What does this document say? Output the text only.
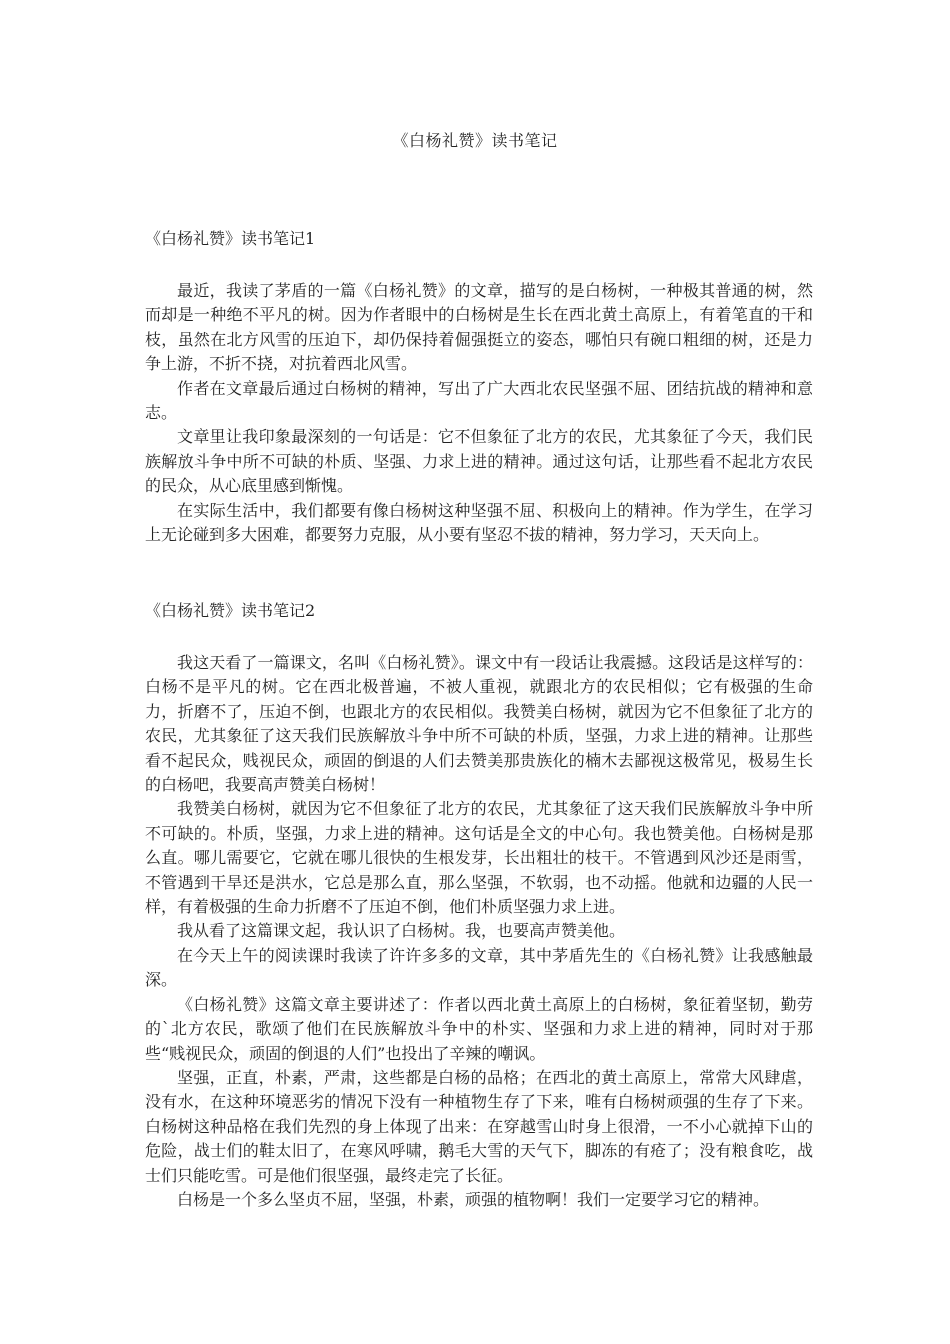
《白杨礼赞》读书笔记

《白杨礼赞》读书笔记1

最近，我读了茅盾的一篇《白杨礼赞》的文章，描写的是白杨树，一种极其普通的树，然而却是一种绝不平凡的树。因为作者眼中的白杨树是生长在西北黄土高原上，有着笔直的干和枝，虽然在北方风雪的压迫下，却仍保持着倔强挺立的姿态，哪怕只有碗口粗细的树，还是力争上游，不折不挠，对抗着西北风雪。

作者在文章最后通过白杨树的精神，写出了广大西北农民坚强不屈、团结抗战的精神和意志。

文章里让我印象最深刻的一句话是：它不但象征了北方的农民，尤其象征了今天，我们民族解放斗争中所不可缺的朴质、坚强、力求上进的精神。通过这句话，让那些看不起北方农民的民众，从心底里感到惭愧。

在实际生活中，我们都要有像白杨树这种坚强不屈、积极向上的精神。作为学生，在学习上无论碰到多大困难，都要努力克服，从小要有坚忍不拔的精神，努力学习，天天向上。

《白杨礼赞》读书笔记2

我这天看了一篇课文，名叫《白杨礼赞》。课文中有一段话让我震撼。这段话是这样写的：白杨不是平凡的树。它在西北极普遍，不被人重视，就跟北方的农民相似；它有极强的生命力，折磨不了，压迫不倒，也跟北方的农民相似。我赞美白杨树，就因为它不但象征了北方的农民，尤其象征了这天我们民族解放斗争中所不可缺的朴质，坚强，力求上进的精神。让那些看不起民众，贱视民众，顽固的倒退的人们去赞美那贵族化的楠木去鄙视这极常见，极易生长的白杨吧，我要高声赞美白杨树！

我赞美白杨树，就因为它不但象征了北方的农民，尤其象征了这天我们民族解放斗争中所不可缺的。朴质，坚强，力求上进的精神。这句话是全文的中心句。我也赞美他。白杨树是那么直。哪儿需要它，它就在哪儿很快的生根发芽，长出粗壮的枝干。不管遇到风沙还是雨雪，不管遇到干旱还是洪水，它总是那么直，那么坚强，不软弱，也不动摇。他就和边疆的人民一样，有着极强的生命力折磨不了压迫不倒，他们朴质坚强力求上进。

我从看了这篇课文起，我认识了白杨树。我，也要高声赞美他。

在今天上午的阅读课时我读了许许多多的文章，其中茅盾先生的《白杨礼赞》让我感触最深。

《白杨礼赞》这篇文章主要讲述了：作者以西北黄土高原上的白杨树，象征着坚韧，勤劳的`北方农民，歌颂了他们在民族解放斗争中的朴实、坚强和力求上进的精神，同时对于那些“贱视民众，顽固的倒退的人们”也投出了辛辣的嘲讽。

坚强，正直，朴素，严肃，这些都是白杨的品格；在西北的黄土高原上，常常大风肆虐，没有水，在这种环境恶劣的情况下没有一种植物生存了下来，唯有白杨树顽强的生存了下来。白杨树这种品格在我们先烈的身上体现了出来：在穿越雪山时身上很滑，一不小心就掉下山的危险，战士们的鞋太旧了，在寒风呼啸，鹅毛大雪的天气下，脚冻的有疮了；没有粮食吃，战士们只能吃雪。可是他们很坚强，最终走完了长征。

白杨是一个多么坚贞不屈，坚强，朴素，顽强的植物啊！我们一定要学习它的精神。
